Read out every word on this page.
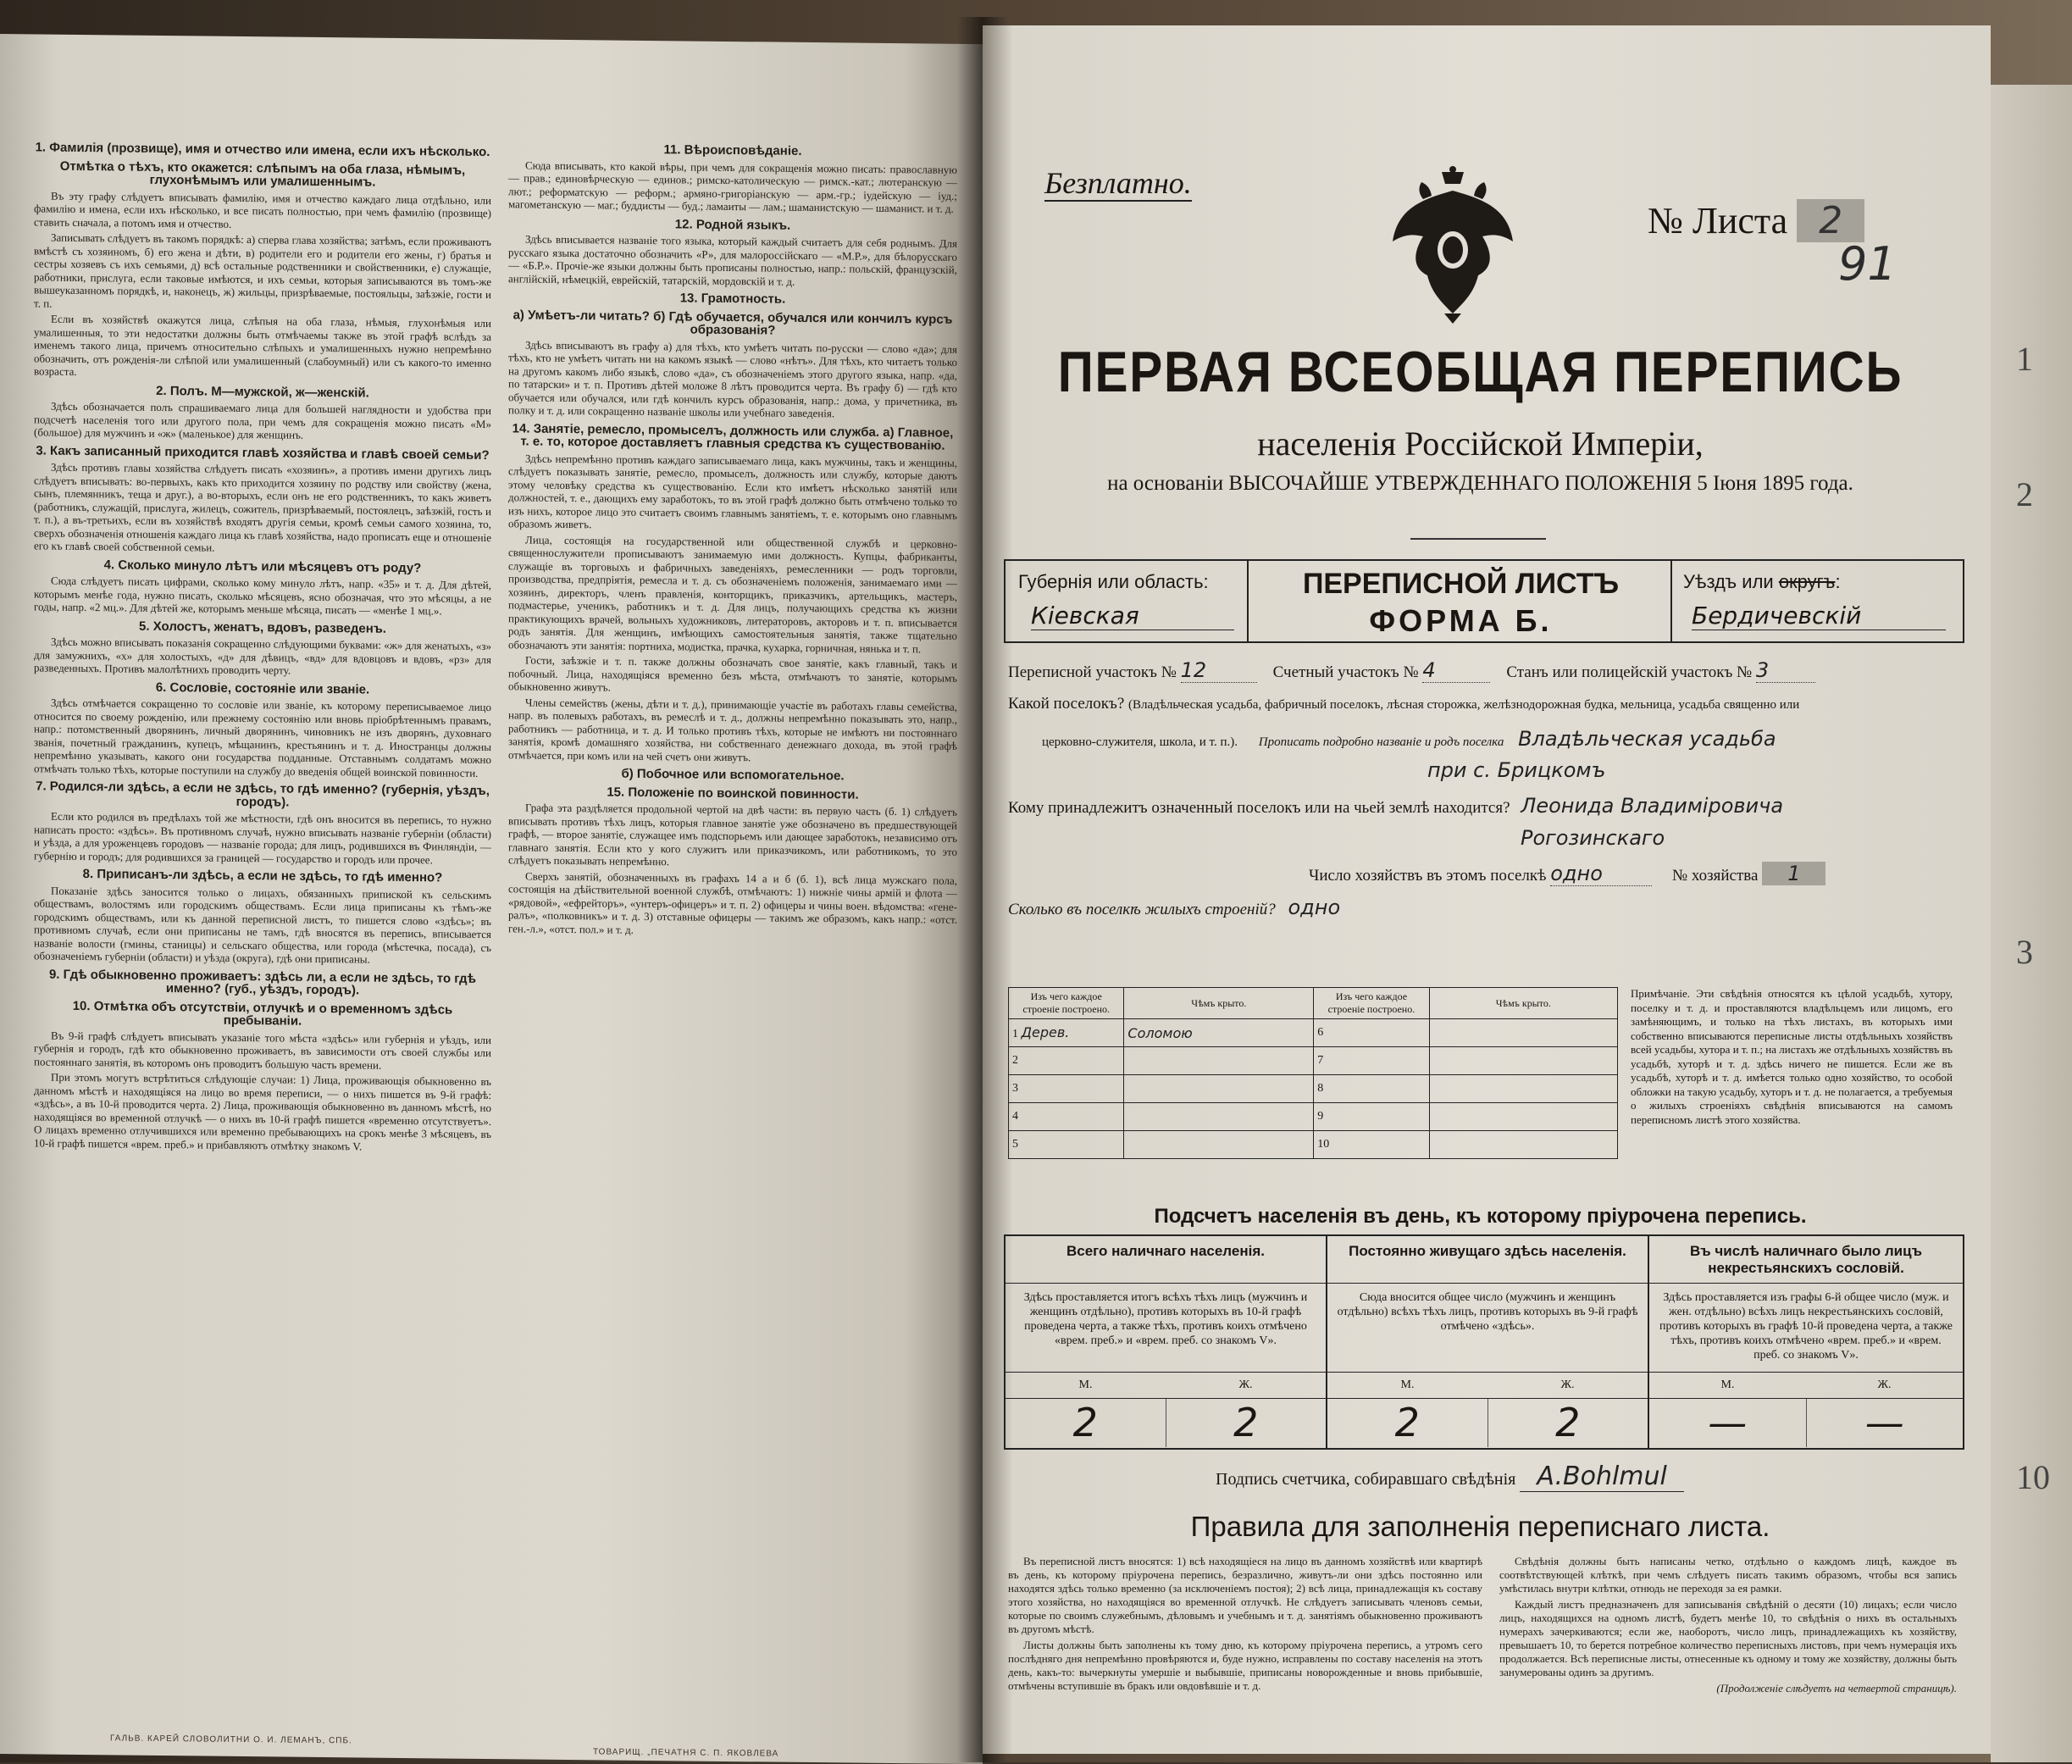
1. Фамилія (прозвище), имя и отчество или имена, если ихъ нѣсколько.
Отмѣтка о тѣхъ, кто окажется: слѣпымъ на оба глаза, нѣмымъ, глухонѣмымъ или умалишеннымъ.

Въ эту графу слѣдуетъ вписывать фамилію, имя и отчество каждаго лица отдѣльно, или фамилію и имена, если ихъ нѣсколько, и все писать полностью, при чемъ фамилію (прозвище) ставить сначала, а потомъ имя и отчество.

Записывать слѣдуетъ въ такомъ порядкѣ: a) сперва глава хозяйства; затѣмъ, если проживаютъ вмѣстѣ съ хозяиномъ, б) его жена и дѣти, в) родители его и родители его жены, г) братья и сестры хозяевъ съ ихъ семьями, д) всѣ остальные родственники и свойственники, е) служащіе, работники, прислуга, если таковые имѣются, и ихъ семьи, которыя записываются въ томъ-же вышеуказанномъ порядкѣ, и, наконецъ, ж) жильцы, призрѣваемые, постояльцы, заѣзжіе, гости и т. п.

Если въ хозяйствѣ окажутся лица, слѣпыя на оба глаза, нѣмыя, глухонѣмыя или умалишенныя, то эти недостатки должны быть отмѣчаемы также въ этой графѣ вслѣдъ за именемъ такого лица, причемъ относительно слѣпыхъ и умалишенныхъ нужно непремѣнно обозначить, отъ рожденія-ли слѣпой или умалишенный (слабоумный) или съ какого-то именно возраста.

2. Полъ. М—мужской, ж—женскій.

Здѣсь обозначается полъ спрашиваемаго лица для большей наглядности и удобства при подсчетѣ населенія того или другого пола, при чемъ для сокращенія можно писать «М» (большое) для мужчинъ и «ж» (маленькое) для женщинъ.

3. Какъ записанный приходится главѣ хозяйства и главѣ своей семьи?

Здѣсь противъ главы хозяйства слѣдуетъ писать «хозяинъ», а противъ имени другихъ лицъ слѣдуетъ вписывать: во-первыхъ, какъ кто приходится хозяину по родству или свойству (жена, сынъ, племянникъ, теща и друг.), а во-вторыхъ, если онъ не его родственникъ, то какъ живетъ (работникъ, служащій, прислуга, жилецъ, сожитель, призрѣваемый, постоялецъ, заѣзжій, гость и т. п.), а въ-третьихъ, если въ хозяйствѣ входятъ другія семьи, кромѣ семьи самого хозяина, то, сверхъ обозначенія отношенія каждаго лица къ главѣ хозяйства, надо прописать еще и отношеніе его къ главѣ своей собственной семьи.

4. Сколько минуло лѣтъ или мѣсяцевъ отъ роду?

Сюда слѣдуетъ писать цифрами, сколько кому минуло лѣтъ, напр. «35» и т. д. Для дѣтей, которымъ менѣе года, нужно писать, сколько мѣсяцевъ, ясно обозначая, что это мѣсяцы, а не годы, напр. «2 мц.». Для дѣтей же, которымъ меньше мѣсяца, писать — «менѣе 1 мц.».

5. Холостъ, женатъ, вдовъ, разведенъ.

Здѣсь можно вписывать показанія сокращенно слѣдующими буквами: «ж» для женатыхъ, «з» для замужнихъ, «х» для холостыхъ, «д» для дѣвицъ, «вд» для вдовцовъ и вдовъ, «рз» для разведенныхъ. Противъ малолѣтнихъ проводить черту.

6. Сословіе, состояніе или званіе.

Здѣсь отмѣчается сокращенно то сословіе или званіе, къ которому переписываемое лицо относится по своему рожденію, или прежнему состоянію или вновь пріобрѣтеннымъ правамъ, напр.: потомственный дворянинъ, личный дворянинъ, чиновникъ не изъ дворянъ, духовнаго званія, почетный гражданинъ, купецъ, мѣщанинъ, крестьянинъ и т. д. Иностранцы должны непремѣнно указывать, какого они государства подданные. Отставнымъ солдатамъ можно отмѣчать только тѣхъ, которые поступили на службу до введенія общей воинской повинности.

7. Родился-ли здѣсь, а если не здѣсь, то гдѣ именно? (губернія, уѣздъ, городъ).

Если кто родился въ предѣлахъ той же мѣстности, гдѣ онъ вносится въ перепись, то нужно написать просто: «здѣсь». Въ противномъ случаѣ, нужно вписывать названіе губерніи (области) и уѣзда, а для уроженцевъ городовъ — названіе города; для лицъ, родившихся въ Финляндіи, — губернію и городъ; для родившихся за границей — государство и городъ или прочее.

8. Приписанъ-ли здѣсь, а если не здѣсь, то гдѣ именно?

Показаніе здѣсь заносится только о лицахъ, обязанныхъ припиской къ сельскимъ обществамъ, волостямъ или городскимъ обществамъ. Если лица приписаны къ тѣмъ-же городскимъ обществамъ, или къ данной переписной листъ, то пишется слово «здѣсь»; въ противномъ случаѣ, если они приписаны не тамъ, гдѣ вносятся въ перепись, вписывается названіе волости (гмины, станицы) и сельскаго общества, или города (мѣстечка, посада), съ обозначеніемъ губерніи (области) и уѣзда (округа), гдѣ они приписаны.

9. Гдѣ обыкновенно проживаетъ: здѣсь ли, а если не здѣсь, то гдѣ именно? (губ., уѣздъ, городъ).
10. Отмѣтка объ отсутствіи, отлучкѣ и о временномъ здѣсь пребываніи.

Въ 9-й графѣ слѣдуетъ вписывать указаніе того мѣста «здѣсь» или губернія и уѣздъ, или губернія и городъ, гдѣ кто обыкновенно проживаетъ, въ зависимости отъ своей службы или постояннаго занятія, въ которомъ онъ проводитъ большую часть времени.

При этомъ могутъ встрѣтиться слѣдующіе случаи: 1) Лица, проживающія обыкновенно въ данномъ мѣстѣ и находящіяся на лицо во время переписи, — о нихъ пишется въ 9-й графѣ: «здѣсь», а въ 10-й проводится черта. 2) Лица, проживающія обыкновенно въ данномъ мѣстѣ, но находящіяся во временной отлучкѣ — о нихъ въ 10-й графѣ пишется «временно отсутствуетъ». О лицахъ временно отлучившихся или временно пребывающихъ на срокъ менѣе 3 мѣсяцевъ, въ 10-й графѣ пишется «врем. преб.» и прибавляютъ отмѣтку знакомъ V.

11. Вѣроисповѣданіе.

Сюда вписывать, кто какой вѣры, при чемъ для сокращенія можно писать: православную — прав.; единовѣрческую — единов.; римско-католическую — римск.-кат.; лютеранскую — лют.; реформатскую — реформ.; армяно-григоріанскую — арм.-гр.; іудейскую — іуд.; магометанскую — маг.; буддисты — буд.; ламаиты — лам.; шаманистскую — шаманист. и т. д.

12. Родной языкъ.

Здѣсь вписывается названіе того языка, который каждый считаетъ для себя роднымъ. Для русскаго языка достаточно обозначить «Р», для малороссійскаго — «М.Р.», для бѣлорусскаго — «Б.Р.». Прочіе-же языки должны быть прописаны полностью, напр.: польскій, французскій, англійскій, нѣмецкій, еврейскій, татарскій, мордовскій и т. д.

13. Грамотность.
а) Умѣетъ-ли читать? б) Гдѣ обучается, обучался или кончилъ курсъ образованія?

Здѣсь вписываютъ въ графу а) для тѣхъ, кто умѣетъ читать по-русски — слово «да»; для тѣхъ, кто не умѣетъ читать ни на какомъ языкѣ — слово «нѣтъ». Для тѣхъ, кто читаетъ только на другомъ какомъ либо языкѣ, слово «да», съ обозначеніемъ этого другого языка, напр. «да, по татарски» и т. п. Противъ дѣтей моложе 8 лѣтъ проводится черта. Въ графу б) — гдѣ кто обучается или обучался, или гдѣ кончилъ курсъ образованія, напр.: дома, у причетника, въ полку и т. д. или сокращенно названіе школы или учебнаго заведенія.

14. Занятіе, ремесло, промыселъ, должность или служба. а) Главное, т. е. то, которое доставляетъ главныя средства къ существованію.

Здѣсь непремѣнно противъ каждаго записываемаго лица, какъ мужчины, такъ и женщины, слѣдуетъ показывать занятіе, ремесло, промыселъ, должность или службу, которые даютъ этому человѣку средства къ существованію. Если кто имѣетъ нѣсколько занятій или должностей, т. е., дающихъ ему заработокъ, то въ этой графѣ должно быть отмѣчено только то изъ нихъ, которое лицо это считаетъ своимъ главнымъ занятіемъ, т. е. которымъ оно главнымъ образомъ живетъ.

Лица, состоящія на государственной или общественной службѣ и церковно-священнослужители прописываютъ занимаемую ими должность. Купцы, фабриканты, служащіе въ торговыхъ и фабричныхъ заведеніяхъ, ремесленники — родъ торговли, производства, предпріятія, ремесла и т. д. съ обозначеніемъ положенія, занимаемаго ими — хозяинъ, директоръ, членъ правленія, конторщикъ, приказчикъ, артельщикъ, мастеръ, подмастерье, ученикъ, работникъ и т. д. Для лицъ, получающихъ средства къ жизни практикующихъ врачей, вольныхъ художниковъ, литераторовъ, акторовъ и т. п. вписывается родъ занятія. Для женщинъ, имѣющихъ самостоятельныя занятія, также тщательно обозначаютъ эти занятія: портниха, модистка, прачка, кухарка, горничная, нянька и т. п.

Гости, заѣзжіе и т. п. также должны обозначать свое занятіе, какъ главный, такъ и побочный. Лица, находящіяся временно безъ мѣста, отмѣчаютъ то занятіе, которымъ обыкновенно живутъ.

Члены семействъ (жены, дѣти и т. д.), принимающіе участіе въ работахъ главы семейства, напр. въ полевыхъ работахъ, въ ремеслѣ и т. д., должны непремѣнно показывать это, напр., работникъ — работница, и т. д. И только противъ тѣхъ, которые не имѣютъ ни постояннаго занятія, кромѣ домашняго хозяйства, ни собственнаго денежнаго дохода, въ этой графѣ отмѣчается, при комъ или на чей счетъ они живутъ.

б) Побочное или вспомогательное.
15. Положеніе по воинской повинности.

Графа эта раздѣляется продольной чертой на двѣ части: въ первую часть (б. 1) слѣдуетъ вписывать противъ тѣхъ лицъ, которыя главное занятіе уже обозначено въ предшествующей графѣ, — второе занятіе, служащее имъ подспорьемъ или дающее заработокъ, независимо отъ главнаго занятія. Если кто у кого служитъ или приказчикомъ, или работникомъ, то это слѣдуетъ показывать непремѣнно.

Сверхъ занятій, обозначенныхъ въ графахъ 14 а и б (б. 1), всѣ лица мужскаго пола, состоящія на дѣйствительной военной службѣ, отмѣчаютъ: 1) нижніе чины армій и флота — «рядовой», «ефрейторъ», «унтеръ-офицеръ» и т. п. 2) офицеры и чины воен. вѣдомства: «гене-ралъ», «полковникъ» и т. д. 3) отставные офицеры — такимъ же образомъ, какъ напр.: «отст. ген.-л.», «отст. пол.» и т. д.

ГАЛЬВ. КАРЕЙ СЛОВОЛИТНИ О. И. ЛЕМАНЪ, СПБ.
ТОВАРИЩ. „ПЕЧАТНЯ С. П. ЯКОВЛЕВА
1
2
3
10
Безплатно.
№ Листа 2
91
ПЕРВАЯ ВСЕОБЩАЯ ПЕРЕПИСЬ
населенія Россійской Имперіи,
на основаніи ВЫСОЧАЙШЕ УТВЕРЖДЕННАГО ПОЛОЖЕНІЯ 5 Іюня 1895 года.
Губернія или область:
Кіевская
ПЕРЕПИСНОЙ ЛИСТЪ
ФОРМА Б.
Уѣздъ или округъ:
Бердичевскій
Переписной участокъ № 12	Счетный участокъ № 4	Станъ или полицейскій участокъ № 3
Какой поселокъ? (Владѣльческая усадьба, фабричный поселокъ, лѣсная сторожка, желѣзнодорожная будка, мельница, усадьба священно или
церковно-служителя, школа, и т. п.). Прописать подробно названіе и родъ поселка Владѣльческая усадьба
при с. Брицкомъ
Кому принадлежитъ означенный поселокъ или на чьей землѣ находится? Леонида Владиміровича
Рогозинскаго
Число хозяйствъ въ этомъ поселкѣ одно	№ хозяйства 1
Сколько въ поселкѣ жилыхъ строеній? одно
Изъ чего каждое строеніе построено.	Чѣмъ крыто.	Изъ чего каждое строеніе построено.	Чѣмъ крыто.
1 Дерев.	Соломою	6	
2		7	
3		8	
4		9	
5		10	
Примѣчаніе. Эти свѣдѣнія относятся къ цѣлой усадьбѣ, хутору, поселку и т. д. и проставляются владѣльцемъ или лицомъ, его замѣняющимъ, и только на тѣхъ листахъ, въ которыхъ ими собственно вписываются переписные листы отдѣльныхъ хозяйствъ всей усадьбы, хутора и т. п.; на листахъ же отдѣльныхъ хозяйствъ въ усадьбѣ, хуторѣ и т. д. здѣсь ничего не пишется. Если же въ усадьбѣ, хуторѣ и т. д. имѣется только одно хозяйство, то особой обложки на такую усадьбу, хуторъ и т. д. не полагается, а требуемыя о жилыхъ строеніяхъ свѣдѣнія вписываются на самомъ переписномъ листѣ этого хозяйства.
Подсчетъ населенія въ день, къ которому пріурочена перепись.
Всего наличнаго населенія.
Здѣсь проставляется итогъ всѣхъ тѣхъ лицъ (мужчинъ и женщинъ отдѣльно), противъ которыхъ въ 10-й графѣ проведена черта, а также тѣхъ, противъ коихъ отмѣчено «врем. преб.» и «врем. преб. со знакомъ V».
М.	Ж.
2	2
Постоянно живущаго здѣсь населенія.
Сюда вносится общее число (мужчинъ и женщинъ отдѣльно) всѣхъ тѣхъ лицъ, противъ которыхъ въ 9-й графѣ отмѣчено «здѣсь».
М.	Ж.
2	2
Въ числѣ наличнаго было лицъ некрестьянскихъ сословій.
Здѣсь проставляется изъ графы 6-й общее число (муж. и жен. отдѣльно) всѣхъ лицъ некрестьянскихъ сословій, противъ которыхъ въ графѣ 10-й проведена черта, а также тѣхъ, противъ коихъ отмѣчено «врем. преб.» и «врем. преб. со знакомъ V».
М.	Ж.
—	—
Подпись счетчика, собиравшаго свѣдѣнія A.Bohlmul
Правила для заполненія переписнаго листа.

Въ переписной листъ вносятся: 1) всѣ находящіеся на лицо въ данномъ хозяйствѣ или квартирѣ въ день, къ которому пріурочена перепись, безразлично, живутъ-ли они здѣсь постоянно или находятся здѣсь только временно (за исключеніемъ постоя); 2) всѣ лица, принадлежащія къ составу этого хозяйства, но находящіяся во временной отлучкѣ. Не слѣдуетъ записывать членовъ семьи, которые по своимъ служебнымъ, дѣловымъ и учебнымъ и т. д. занятіямъ обыкновенно проживаютъ въ другомъ мѣстѣ.

Листы должны быть заполнены къ тому дню, къ которому пріурочена перепись, а утромъ сего послѣдняго дня непремѣнно провѣряются и, буде нужно, исправлены по составу населенія на этотъ день, какъ-то: вычеркнуты умершіе и выбывшіе, приписаны новорожденные и вновь прибывшіе, отмѣчены вступившіе въ бракъ или овдовѣвшіе и т. д.

Свѣдѣнія должны быть написаны четко, отдѣльно о каждомъ лицѣ, каждое въ соотвѣтствующей клѣткѣ, при чемъ слѣдуетъ писать такимъ образомъ, чтобы вся запись умѣстилась внутри клѣтки, отнюдь не переходя за ея рамки.

Каждый листъ предназначенъ для записыванія свѣдѣній о десяти (10) лицахъ; если число лицъ, находящихся на одномъ листѣ, будетъ менѣе 10, то свѣдѣнія о нихъ въ остальныхъ нумерахъ зачеркиваются; если же, наоборотъ, число лицъ, принадлежащихъ къ хозяйству, превышаетъ 10, то берется потребное количество переписныхъ листовъ, при чемъ нумерація ихъ продолжается. Всѣ переписные листы, отнесенные къ одному и тому же хозяйству, должны быть занумерованы одинъ за другимъ.

(Продолженіе слѣдуетъ на четвертой страницѣ).
